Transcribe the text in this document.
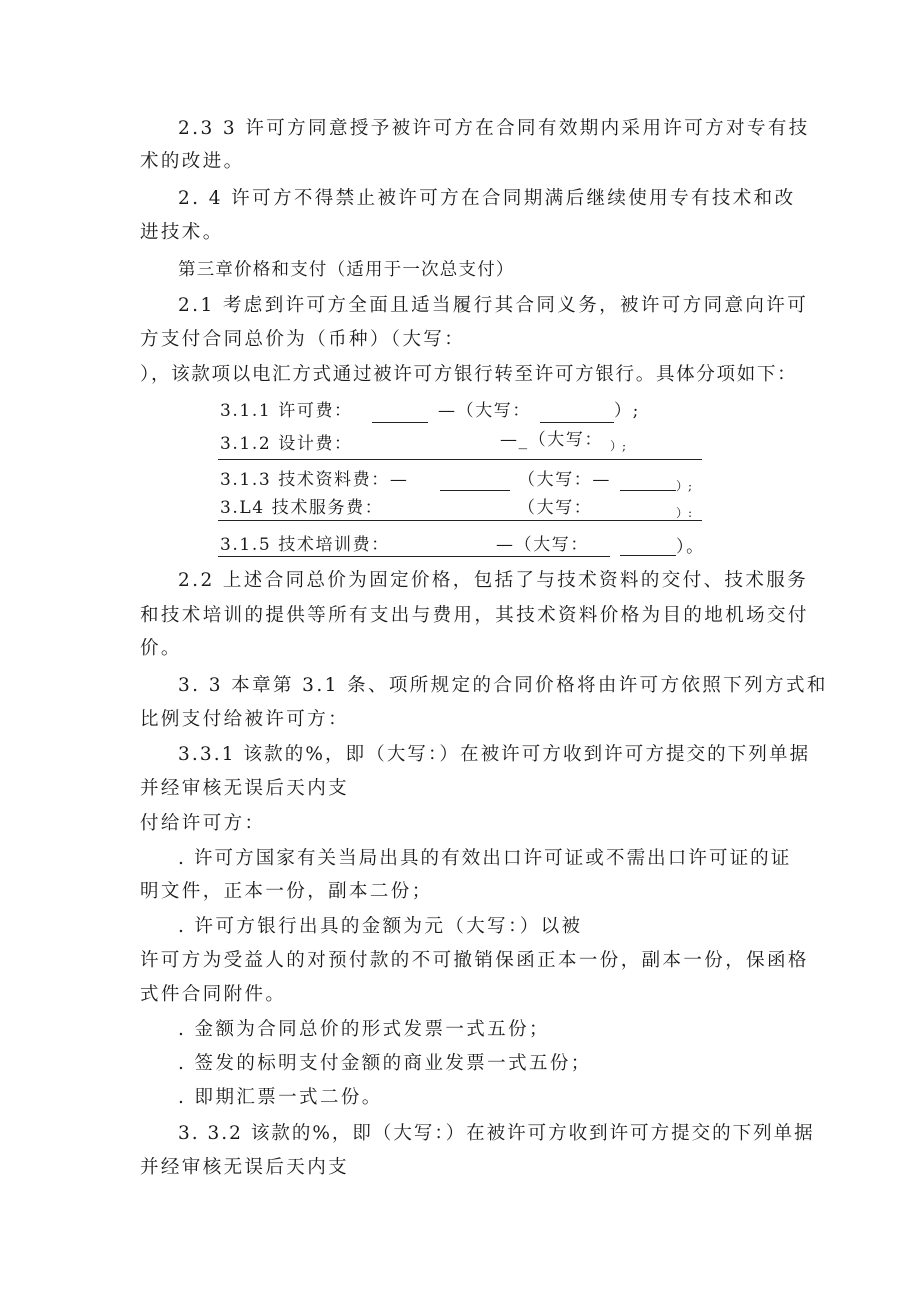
2.3 3 许可方同意授予被许可方在合同有效期内采用许可方对专有技
术的改进。
2. 4 许可方不得禁止被许可方在合同期满后继续使用专有技术和改
进技术。
第三章价格和支付（适用于一次总支付）
2.1 考虑到许可方全面且适当履行其合同义务，被许可方同意向许可
方支付合同总价为（币种）（大写：
），该款项以电汇方式通过被许可方银行转至许可方银行。具体分项如下：
3.1.1 许可费：	—（大写：	）;
3.1.2 设计费：	—_（大写： ）;
3.1.3 技术资料费：—	（大写：—	）;
3.L4 技术服务费：	（大写：	）:
3.1.5 技术培训费：	—（大写：	）。
2.2 上述合同总价为固定价格，包括了与技术资料的交付、技术服务
和技术培训的提供等所有支出与费用，其技术资料价格为目的地机场交付
价。
3. 3 本章第 3.1 条、项所规定的合同价格将由许可方依照下列方式和
比例支付给被许可方：
3.3.1 该款的%，即（大写：）在被许可方收到许可方提交的下列单据
并经审核无误后天内支
付给许可方：
. 许可方国家有关当局出具的有效出口许可证或不需出口许可证的证
明文件，正本一份，副本二份；
. 许可方银行出具的金额为元（大写：）以被
许可方为受益人的对预付款的不可撤销保函正本一份，副本一份，保函格
式件合同附件。
. 金额为合同总价的形式发票一式五份；
. 签发的标明支付金额的商业发票一式五份；
. 即期汇票一式二份。
3. 3.2 该款的%，即（大写：）在被许可方收到许可方提交的下列单据
并经审核无误后天内支
